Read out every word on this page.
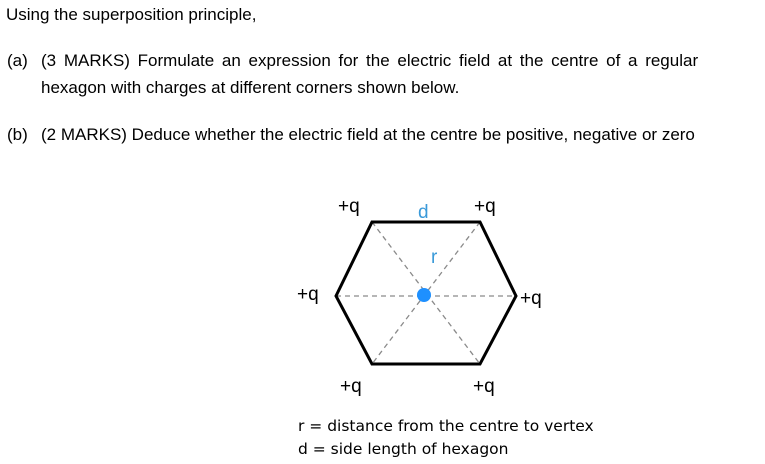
Using the superposition principle,
(a) (3 MARKS) Formulate an expression for the electric field at the centre of a regular
hexagon with charges at different corners shown below.
(b) (2 MARKS) Deduce whether the electric field at the centre be positive, negative or zero
d
r
+q	+q
+q	+q
+q	+q
r = distance from the centre to vertex
d = side length of hexagon
